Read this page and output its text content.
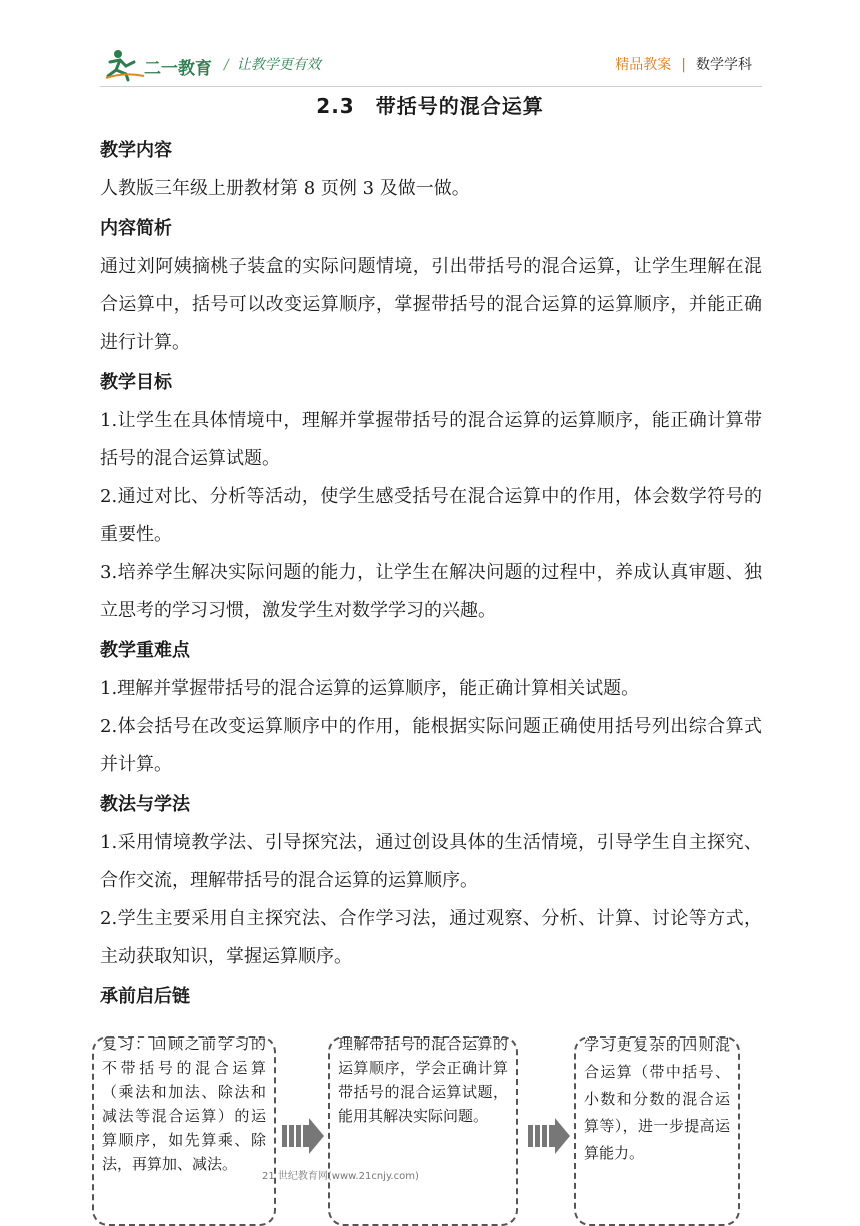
二一教育 / 让教学更有效	精品教案 | 数学学科
2.3　带括号的混合运算
教学内容

人教版三年级上册教材第 8 页例 3 及做一做。

内容简析

通过刘阿姨摘桃子装盒的实际问题情境，引出带括号的混合运算，让学生理解在混合运算中，括号可以改变运算顺序，掌握带括号的混合运算的运算顺序，并能正确进行计算。

教学目标

1.让学生在具体情境中，理解并掌握带括号的混合运算的运算顺序，能正确计算带括号的混合运算试题。

2.通过对比、分析等活动，使学生感受括号在混合运算中的作用，体会数学符号的重要性。

3.培养学生解决实际问题的能力，让学生在解决问题的过程中，养成认真审题、独立思考的学习习惯，激发学生对数学学习的兴趣。

教学重难点

1.理解并掌握带括号的混合运算的运算顺序，能正确计算相关试题。

2.体会括号在改变运算顺序中的作用，能根据实际问题正确使用括号列出综合算式并计算。

教法与学法

1.采用情境教学法、引导探究法，通过创设具体的生活情境，引导学生自主探究、合作交流，理解带括号的混合运算的运算顺序。

2.学生主要采用自主探究法、合作学习法，通过观察、分析、计算、讨论等方式，主动获取知识，掌握运算顺序。

承前启后链
复习：回顾之前学习的不带括号的混合运算（乘法和加法、除法和减法等混合运算）的运算顺序，如先算乘、除法，再算加、减法。
理解带括号的混合运算的运算顺序，学会正确计算带括号的混合运算试题，能用其解决实际问题。
学习更复杂的四则混合运算（带中括号、小数和分数的混合运算等），进一步提高运算能力。
21 世纪教育网(www.21cnjy.com)
